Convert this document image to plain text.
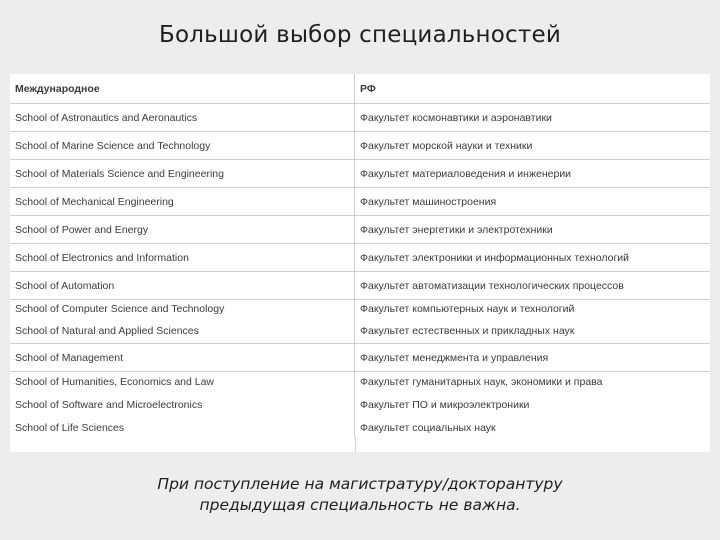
Большой выбор специальностей
Международное	РФ
School of Astronautics and Aeronautics	Факультет космонавтики и аэронавтики
School of Marine Science and Technology	Факультет морской науки и техники
School of Materials Science and Engineering	Факультет материаловедения и инженерии
School of Mechanical Engineering	Факультет машиностроения
School of Power and Energy	Факультет энергетики и электротехники
School of Electronics and Information	Факультет электроники и информационных технологий
School of Automation	Факультет автоматизации технологических процессов
School of Computer Science and Technology	Факультет компьютерных наук и технологий
School of Natural and Applied Sciences	Факультет естественных и прикладных наук
School of Management	Факультет менеджмента и управления
School of Humanities, Economics and Law	Факультет гуманитарных наук, экономики и права
School of Software and Microelectronics	Факультет ПО и микроэлектроники
School of Life Sciences	Факультет социальных наук
При поступление на магистратуру/докторантуру
предыдущая специальность не важна.
